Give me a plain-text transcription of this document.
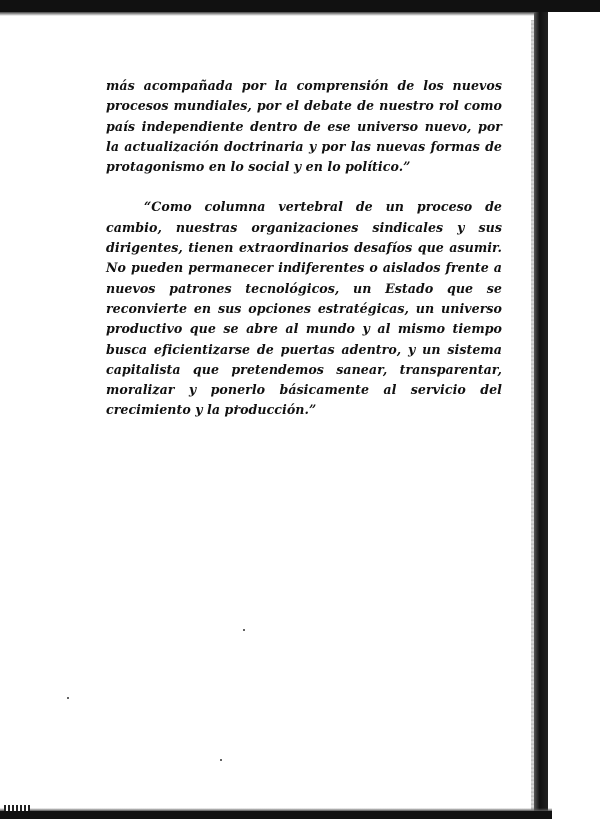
más acompañada por la comprensión de los nuevos procesos mundiales, por el debate de nuestro rol como país independiente dentro de ese universo nuevo, por la actualización doctrinaria y por las nuevas formas de protagonismo en lo social y en lo político.”

“Como columna vertebral de un proceso de cambio, nuestras organizaciones sindicales y sus dirigentes, tienen extraordinarios desafíos que asumir. No pueden permanecer indiferentes o aislados frente a nuevos patrones tecnológicos, un Estado que se reconvierte en sus opciones estratégicas, un universo productivo que se abre al mundo y al mismo tiempo busca eficientizarse de puertas adentro, y un sistema capitalista que pretendemos sanear, transparentar, moralizar y ponerlo básicamente al servicio del crecimiento y la producción.”
